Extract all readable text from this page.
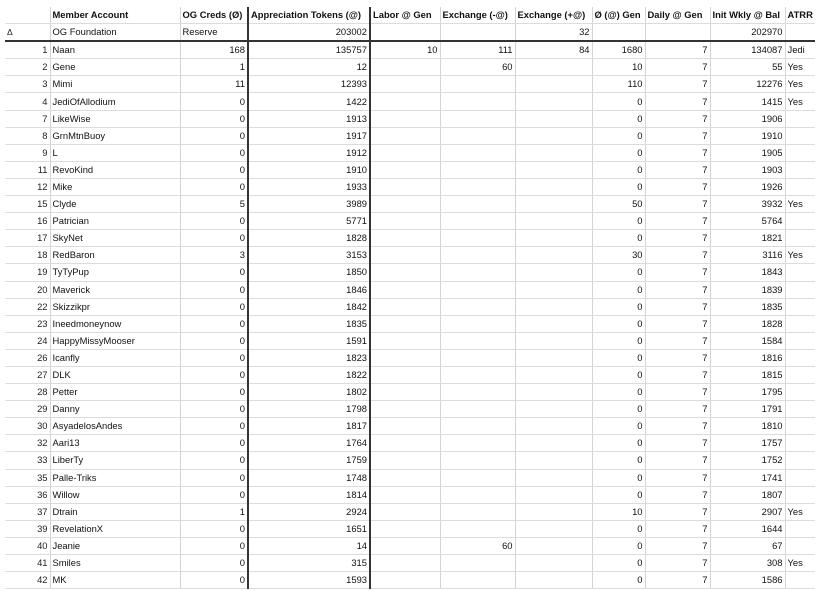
	Member Account	OG Creds (Ø)	Appreciation Tokens (@)	Labor @ Gen	Exchange (-@)	Exchange (+@)	Ø (@) Gen	Daily @ Gen	Init Wkly @ Bal	ATRR
Δ	OG Foundation	Reserve	203002			32			202970	
1	Naan	168	135757	10	111	84	1680	7	134087	Jedi
2	Gene	1	12		60		10	7	55	Yes
3	Mimi	11	12393				110	7	12276	Yes
4	JediOfAllodium	0	1422				0	7	1415	Yes
7	LikeWise	0	1913				0	7	1906	
8	GrnMtnBuoy	0	1917				0	7	1910	
9	L	0	1912				0	7	1905	
11	RevoKind	0	1910				0	7	1903	
12	Mike	0	1933				0	7	1926	
15	Clyde	5	3989				50	7	3932	Yes
16	Patrician	0	5771				0	7	5764	
17	SkyNet	0	1828				0	7	1821	
18	RedBaron	3	3153				30	7	3116	Yes
19	TyTyPup	0	1850				0	7	1843	
20	Maverick	0	1846				0	7	1839	
22	Skizzikpr	0	1842				0	7	1835	
23	Ineedmoneynow	0	1835				0	7	1828	
24	HappyMissyMooser	0	1591				0	7	1584	
26	Icanfly	0	1823				0	7	1816	
27	DLK	0	1822				0	7	1815	
28	Petter	0	1802				0	7	1795	
29	Danny	0	1798				0	7	1791	
30	AsyadelosAndes	0	1817				0	7	1810	
32	Aari13	0	1764				0	7	1757	
33	LiberTy	0	1759				0	7	1752	
35	Palle-Triks	0	1748				0	7	1741	
36	Willow	0	1814				0	7	1807	
37	Dtrain	1	2924				10	7	2907	Yes
39	RevelationX	0	1651				0	7	1644	
40	Jeanie	0	14		60		0	7	67	
41	Smiles	0	315				0	7	308	Yes
42	MK	0	1593				0	7	1586	
